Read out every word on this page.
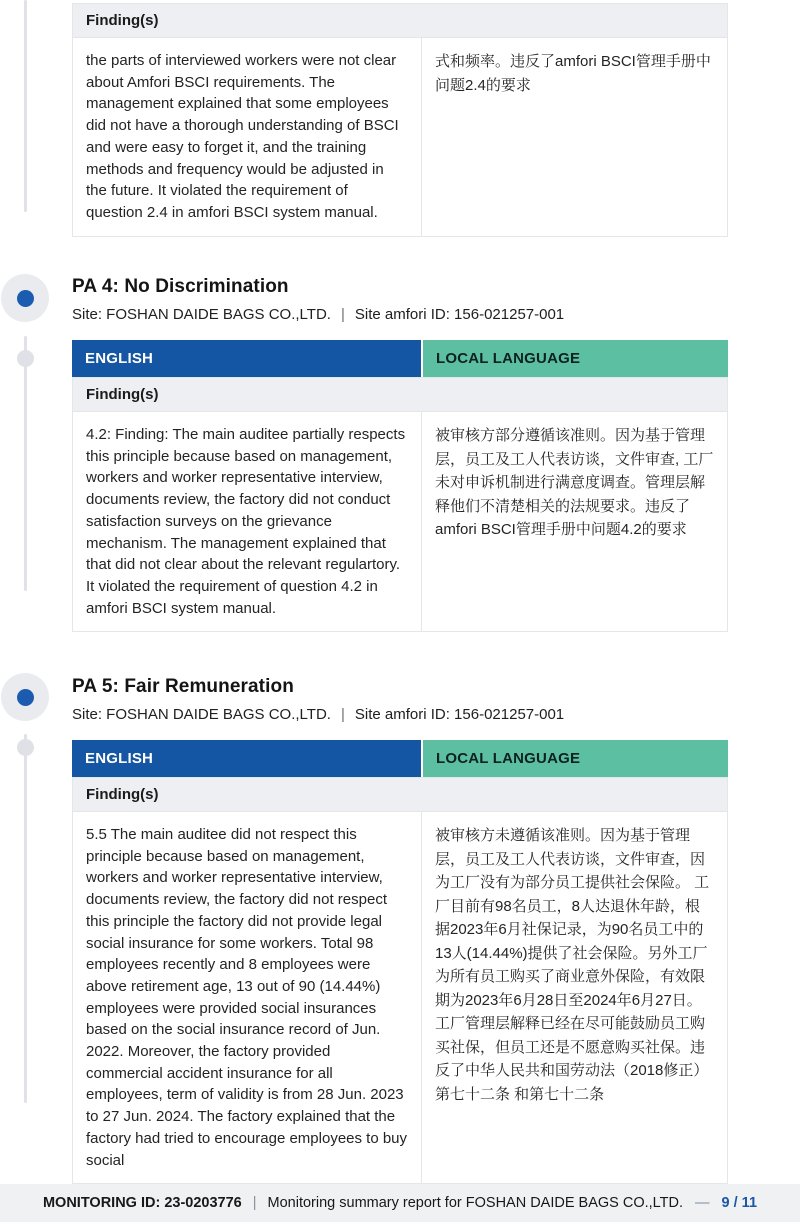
Finding(s)
the parts of interviewed workers were not clear about Amfori BSCI requirements. The management explained that some employees did not have a thorough understanding of BSCI and were easy to forget it, and the training methods and frequency would be adjusted in the future. It violated the requirement of question 2.4 in amfori BSCI system manual.
式和频率。违反了amfori BSCI管理手册中问题2.4的要求
PA 4: No Discrimination
Site: FOSHAN DAIDE BAGS CO.,LTD. | Site amfori ID: 156-021257-001
ENGLISH	LOCAL LANGUAGE
Finding(s)
4.2: Finding: The main auditee partially respects this principle because based on management, workers and worker representative interview, documents review, the factory did not conduct satisfaction surveys on the grievance mechanism. The management explained that that did not clear about the relevant regulartory. It violated the requirement of question 4.2 in amfori BSCI system manual.
被审核方部分遵循该准则。因为基于管理层，员工及工人代表访谈，文件审查, 工厂未对申诉机制进行满意度调查。管理层解释他们不清楚相关的法规要求。违反了amfori BSCI管理手册中问题4.2的要求
PA 5: Fair Remuneration
Site: FOSHAN DAIDE BAGS CO.,LTD. | Site amfori ID: 156-021257-001
ENGLISH	LOCAL LANGUAGE
Finding(s)
5.5 The main auditee did not respect this principle because based on management, workers and worker representative interview, documents review, the factory did not respect this principle the factory did not provide legal social insurance for some workers. Total 98 employees recently and 8 employees were above retirement age, 13 out of 90 (14.44%) employees were provided social insurances based on the social insurance record of Jun. 2022. Moreover, the factory provided commercial accident insurance for all employees, term of validity is from 28 Jun. 2023 to 27 Jun. 2024. The factory explained that the factory had tried to encourage employees to buy social
被审核方未遵循该准则。因为基于管理层，员工及工人代表访谈，文件审查，因为工厂没有为部分员工提供社会保险。 工厂目前有98名员工，8人达退休年龄，根据2023年6月社保记录，为90名员工中的13人(14.44%)提供了社会保险。另外工厂为所有员工购买了商业意外保险，有效限期为2023年6月28日至2024年6月27日。工厂管理层解释已经在尽可能鼓励员工购买社保，但员工还是不愿意购买社保。违反了中华人民共和国劳动法（2018修正）第七十二条 和第七十二条
MONITORING ID: 23-0203776 | Monitoring summary report for FOSHAN DAIDE BAGS CO.,LTD. — 9 / 11
